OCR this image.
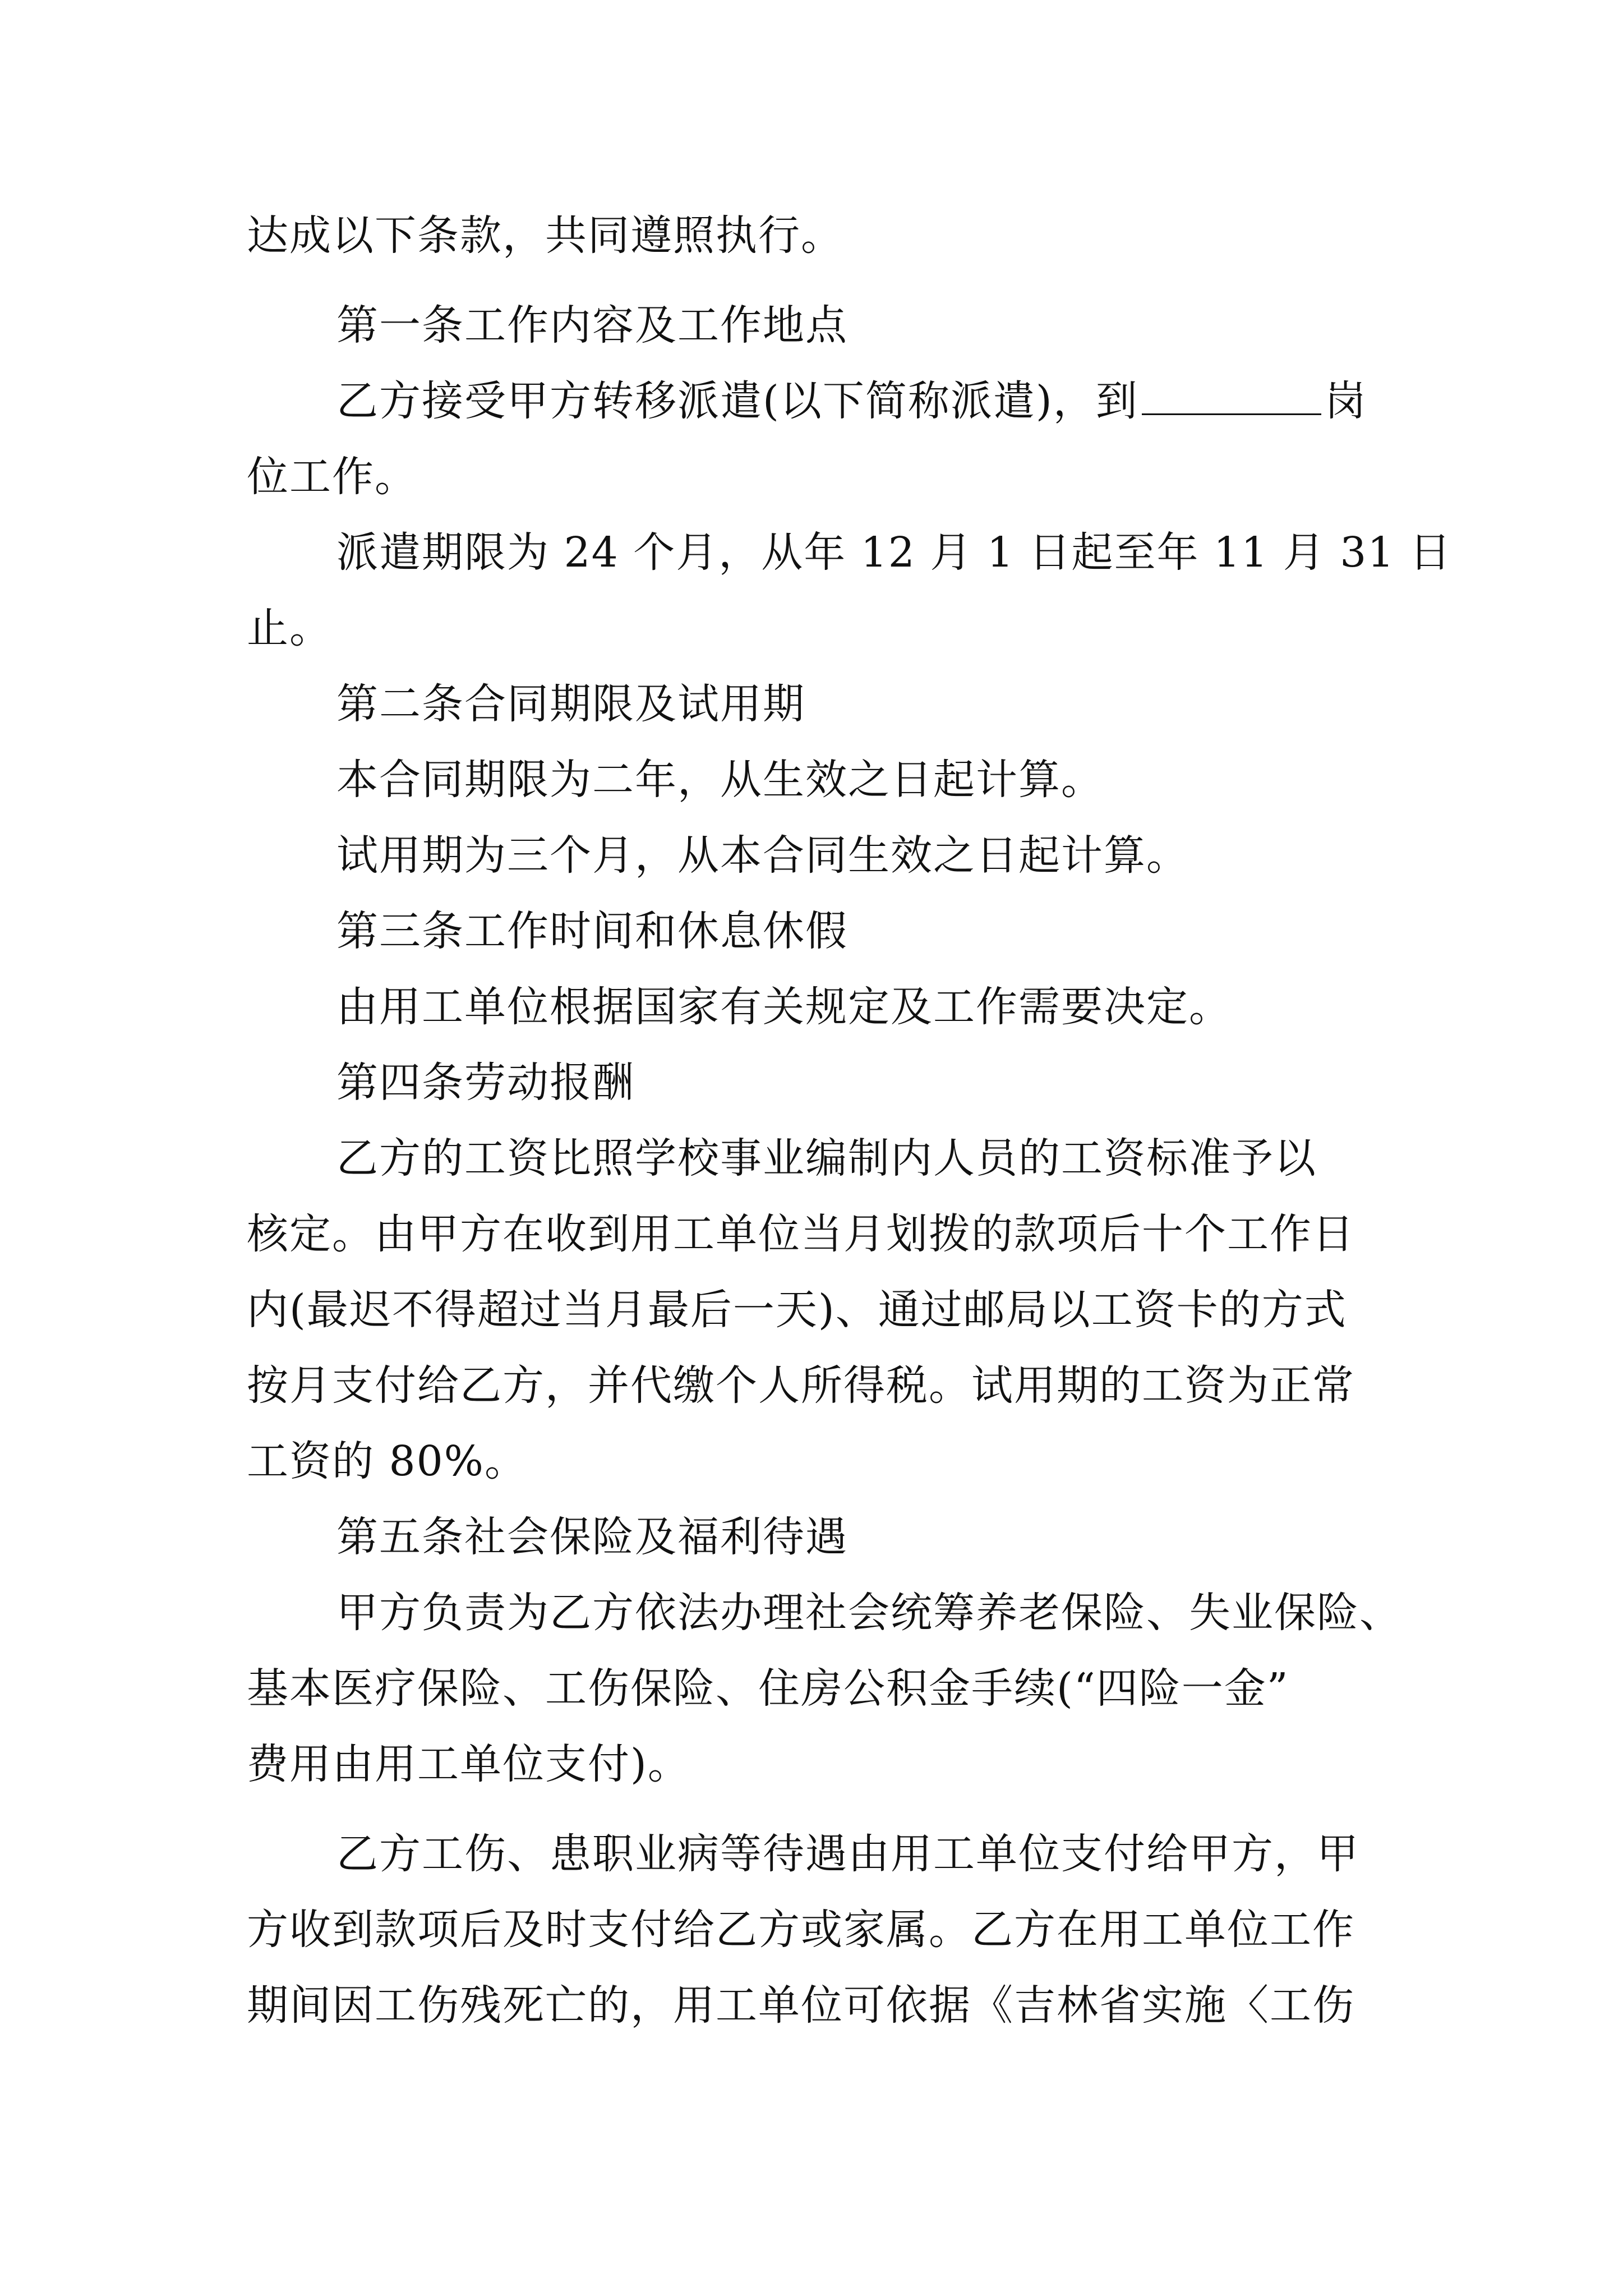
达成以下条款，共同遵照执行。
第一条工作内容及工作地点
乙方接受甲方转移派遣(以下简称派遣)，到	岗
位工作。
派遣期限为 24 个月，从年 12 月 1 日起至年 11 月 31 日
止。
第二条合同期限及试用期
本合同期限为二年，从生效之日起计算。
试用期为三个月，从本合同生效之日起计算。
第三条工作时间和休息休假
由用工单位根据国家有关规定及工作需要决定。
第四条劳动报酬
乙方的工资比照学校事业编制内人员的工资标准予以
核定。由甲方在收到用工单位当月划拨的款项后十个工作日
内(最迟不得超过当月最后一天)、通过邮局以工资卡的方式
按月支付给乙方，并代缴个人所得税。试用期的工资为正常
工资的 80%。
第五条社会保险及福利待遇
甲方负责为乙方依法办理社会统筹养老保险、失业保险、
基本医疗保险、工伤保险、住房公积金手续(“四险一金”
费用由用工单位支付)。
乙方工伤、患职业病等待遇由用工单位支付给甲方，甲
方收到款项后及时支付给乙方或家属。乙方在用工单位工作
期间因工伤残死亡的，用工单位可依据《吉林省实施〈工伤
